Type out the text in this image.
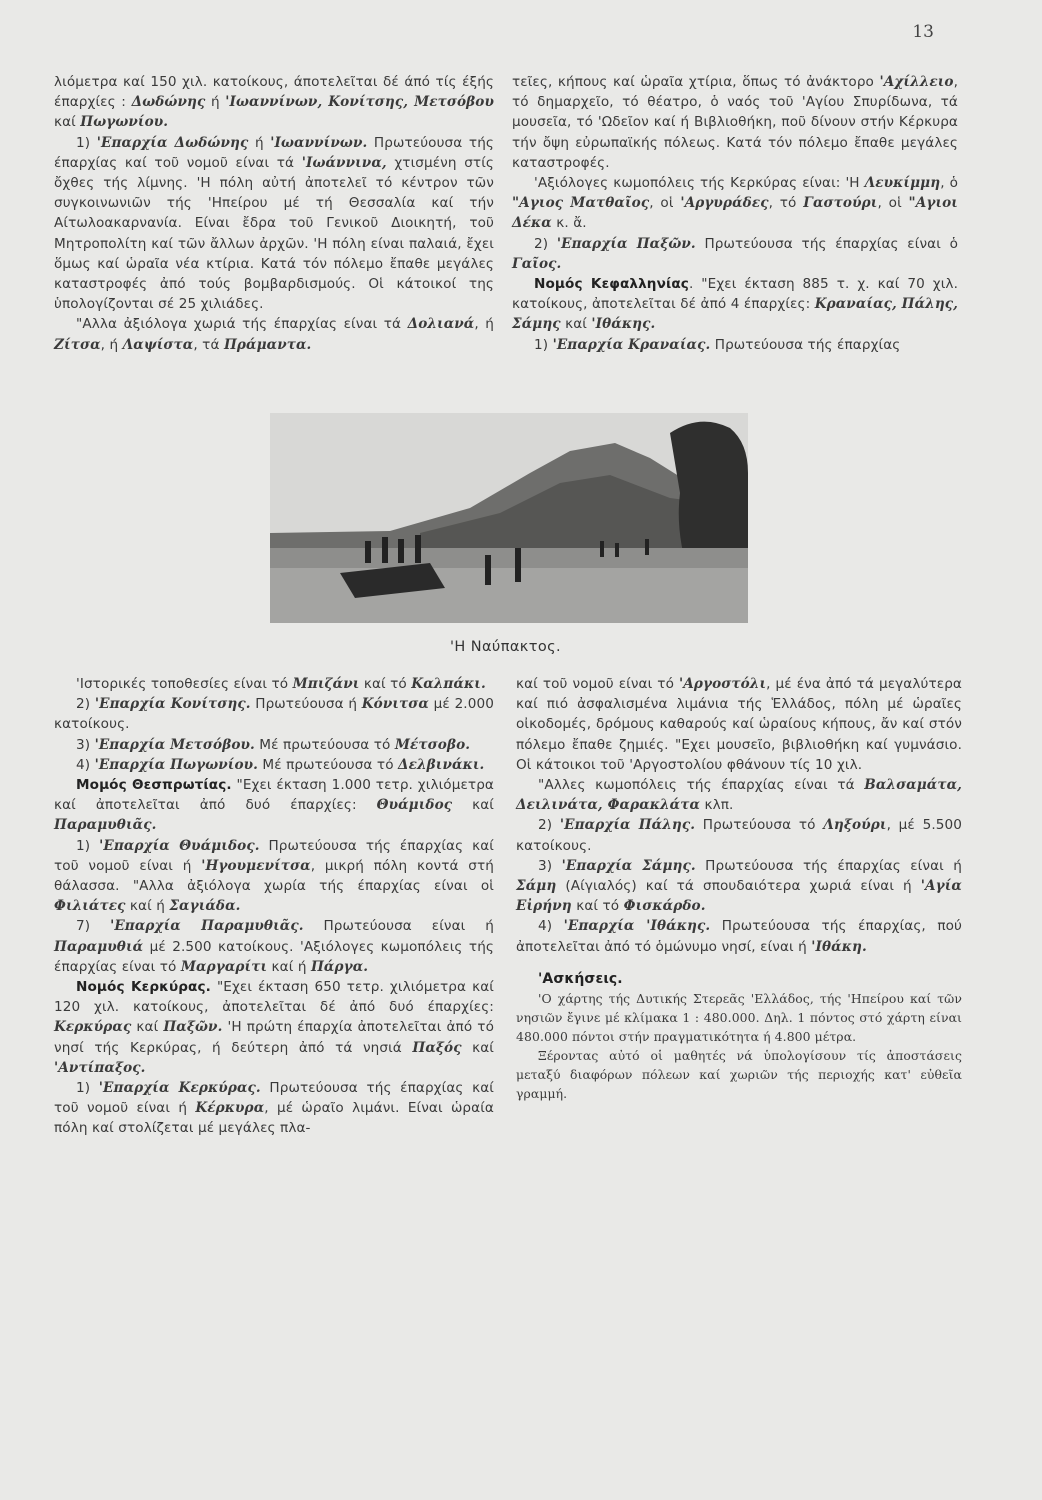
13

λιόμετρα καί 150 χιλ. κατοίκους, άποτελεῖται δέ άπό τίς έξής έπαρχίες : Δωδώνης ή 'Ιωαννίνων, Κονίτσης, Μετσόβου καί Πωγωνίου.

1) 'Επαρχία Δωδώνης ή 'Ιωαννίνων. Πρωτεύουσα τής έπαρχίας καί τοῦ νομοῦ είναι τά 'Ιωάννινα, χτισμένη στίς ὄχθες τής λίμνης. 'Η πόλη αὐτή ἀποτελεῖ τό κέντρον τῶν συγκοινωνιῶν τής 'Ηπείρου μέ τή Θεσσαλία καί τήν Αίτωλοακαρνανία. Είναι ἔδρα τοῦ Γενικοῦ Διοικητή, τοῦ Μητροπολίτη καί τῶν ἄλλων ἀρχῶν. 'Η πόλη είναι παλαιά, ἔχει ὅμως καί ὡραῖα νέα κτίρια. Κατά τόν πόλεμο ἔπαθε μεγάλες καταστροφές ἀπό τούς βομβαρδισμούς. Οἱ κάτοικοί της ὑπολογίζονται σέ 25 χιλιάδες.

"Αλλα ἀξιόλογα χωριά τής έπαρχίας είναι τά Δολιανά, ή Ζίτσα, ή Λαψίστα, τά Πράμαντα.

τεῖες, κήπους καί ὡραῖα χτίρια, ὅπως τό ἀνάκτορο 'Αχίλλειο, τό δημαρχεῖο, τό θέατρο, ὁ ναός τοῦ 'Αγίου Σπυρίδωνα, τά μουσεῖα, τό 'Ωδεῖον καί ή Βιβλιοθήκη, ποῦ δίνουν στήν Κέρκυρα τήν ὄψη εὐρωπαϊκής πόλεως. Κατά τόν πόλεμο ἔπαθε μεγάλες καταστροφές.

'Αξιόλογες κωμοπόλεις τής Κερκύρας είναι: 'Η Λευκίμμη, ὁ "Αγιος Ματθαῖος, οἱ 'Αργυράδες, τό Γαστούρι, οἱ "Αγιοι Δέκα κ. ἄ.

2) 'Επαρχία Παξῶν. Πρωτεύουσα τής έπαρχίας είναι ὁ Γαῖος.

Νομός Κεφαλληνίας. "Εχει έκταση 885 τ. χ. καί 70 χιλ. κατοίκους, ἀποτελεῖται δέ ἀπό 4 έπαρχίες: Κραναίας, Πάλης, Σάμης καί 'Ιθάκης.

1) 'Επαρχία Κραναίας. Πρωτεύουσα τής έπαρχίας

'Η Ναύπακτος.

'Ιστορικές τοποθεσίες είναι τό Μπιζάνι καί τό Καλπάκι.

2) 'Επαρχία Κονίτσης. Πρωτεύουσα ή Κόνιτσα μέ 2.000 κατοίκους.

3) 'Επαρχία Μετσόβου. Μέ πρωτεύουσα τό Μέτσοβο.

4) 'Επαρχία Πωγωνίου. Μέ πρωτεύουσα τό Δελβινάκι.

Μομός Θεσπρωτίας. "Εχει έκταση 1.000 τετρ. χιλιόμετρα καί ἀποτελεῖται ἀπό δυό έπαρχίες: Θυάμιδος καί Παραμυθιᾶς.

1) 'Επαρχία Θυάμιδος. Πρωτεύουσα τής έπαρχίας καί τοῦ νομοῦ είναι ή 'Ηγουμενίτσα, μικρή πόλη κοντά στή θάλασσα. "Αλλα ἀξιόλογα χωρία τής έπαρχίας είναι οἱ Φιλιάτες καί ή Σαγιάδα.

7) 'Επαρχία Παραμυθιᾶς. Πρωτεύουσα είναι ή Παραμυθιά μέ 2.500 κατοίκους. 'Αξιόλογες κωμοπόλεις τής έπαρχίας είναι τό Μαργαρίτι καί ή Πάργα.

Νομός Κερκύρας. "Εχει έκταση 650 τετρ. χιλιόμετρα καί 120 χιλ. κατοίκους, ἀποτελεῖται δέ ἀπό δυό έπαρχίες: Κερκύρας καί Παξῶν. 'Η πρώτη έπαρχία ἀποτελεῖται ἀπό τό νησί τής Κερκύρας, ή δεύτερη ἀπό τά νησιά Παξός καί 'Αντίπαξος.

1) 'Επαρχία Κερκύρας. Πρωτεύουσα τής έπαρχίας καί τοῦ νομοῦ είναι ή Κέρκυρα, μέ ὡραῖο λιμάνι. Είναι ὡραία πόλη καί στολίζεται μέ μεγάλες πλα-

καί τοῦ νομοῦ είναι τό 'Αργοστόλι, μέ ένα ἀπό τά μεγαλύτερα καί πιό ἀσφαλισμένα λιμάνια τής Ἑλλάδος, πόλη μέ ὡραῖες οἰκοδομές, δρόμους καθαρούς καί ὡραίους κήπους, ἄν καί στόν πόλεμο ἔπαθε ζημιές. "Εχει μουσεῖο, βιβλιοθήκη καί γυμνάσιο. Οἱ κάτοικοι τοῦ 'Αργοστολίου φθάνουν τίς 10 χιλ.

"Αλλες κωμοπόλεις τής έπαρχίας είναι τά Βαλσαμάτα, Δειλινάτα, Φαρακλάτα κλπ.

2) 'Επαρχία Πάλης. Πρωτεύουσα τό Ληξούρι, μέ 5.500 κατοίκους.

3) 'Επαρχία Σάμης. Πρωτεύουσα τής έπαρχίας είναι ή Σάμη (Αίγιαλός) καί τά σπουδαιότερα χωριά είναι ή 'Αγία Εἰρήνη καί τό Φισκάρδο.

4) 'Επαρχία 'Ιθάκης. Πρωτεύουσα τής έπαρχίας, πού ἀποτελεῖται ἀπό τό ὁμώνυμο νησί, είναι ή 'Ιθάκη.

'Ασκήσεις.

'Ο χάρτης τής Δυτικής Στερεᾶς 'Ελλάδος, τής 'Ηπείρου καί τῶν νησιῶν ἔγινε μέ κλίμακα 1 : 480.000. Δηλ. 1 πόντος στό χάρτη είναι 480.000 πόντοι στήν πραγματικότητα ή 4.800 μέτρα.

Ξέροντας αὐτό οἱ μαθητές νά ὑπολογίσουν τίς ἀποστάσεις μεταξύ διαφόρων πόλεων καί χωριῶν τής περιοχής κατ' εὐθεῖα γραμμή.
